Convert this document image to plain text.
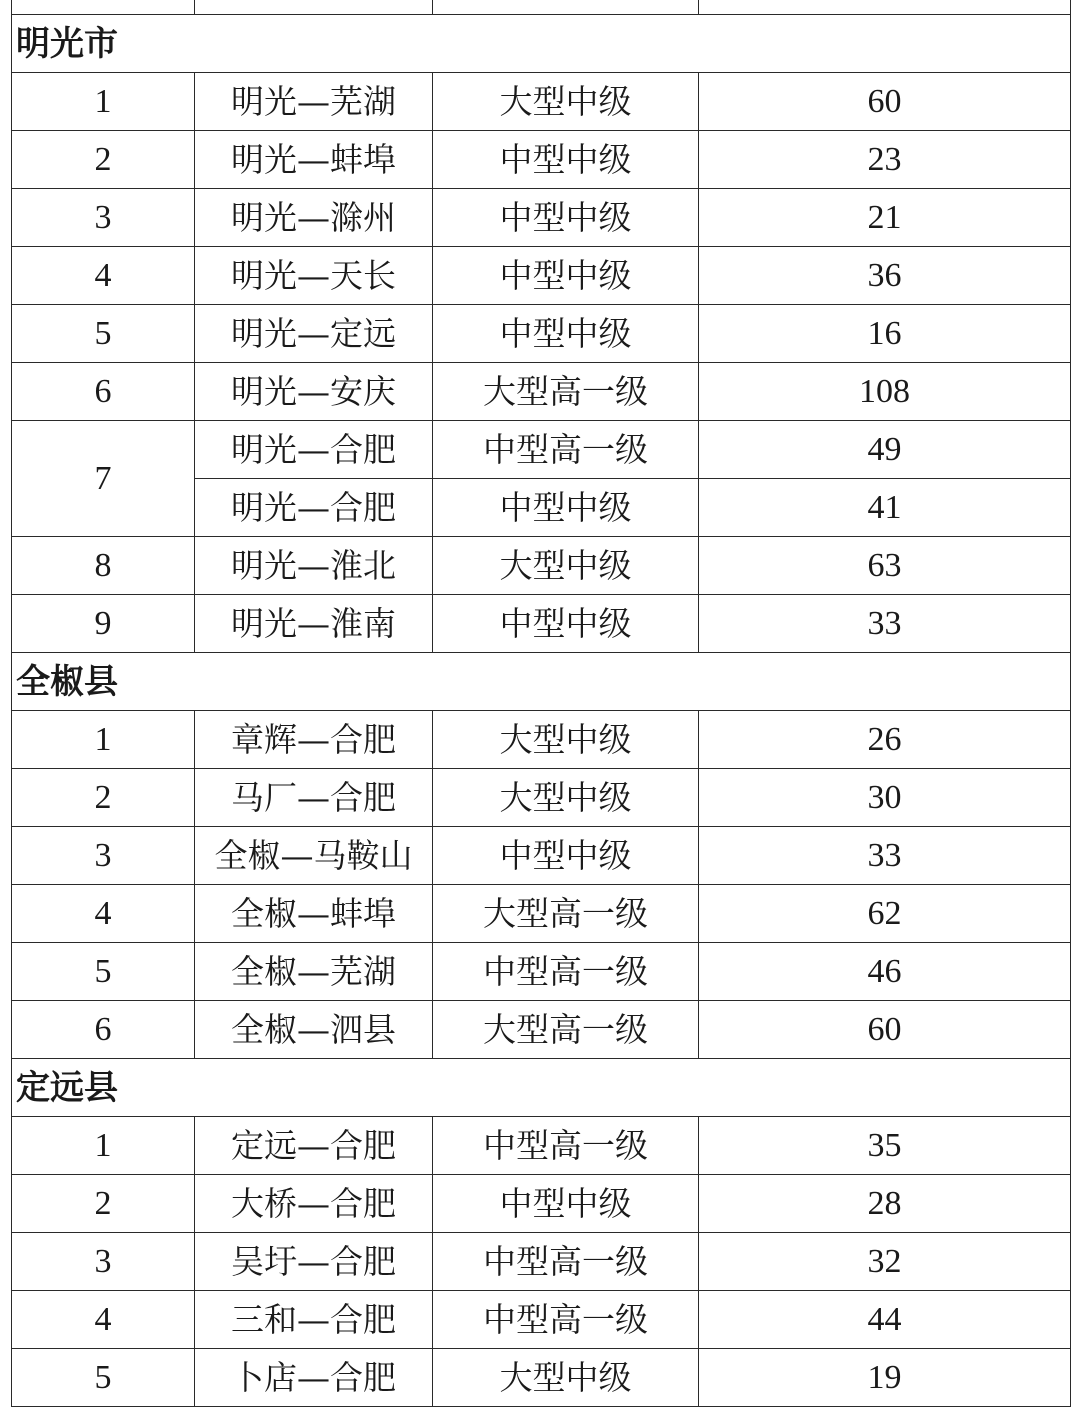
明光市			
1	明光—芜湖	大型中级	60
2	明光—蚌埠	中型中级	23
3	明光—滁州	中型中级	21
4	明光—天长	中型中级	36
5	明光—定远	中型中级	16
6	明光—安庆	大型高一级	108
7	明光—合肥	中型高一级	49
	明光—合肥	中型中级	41
8	明光—淮北	大型中级	63
9	明光—淮南	中型中级	33
全椒县			
1	章辉—合肥	大型中级	26
2	马厂—合肥	大型中级	30
3	全椒—马鞍山	中型中级	33
4	全椒—蚌埠	大型高一级	62
5	全椒—芜湖	中型高一级	46
6	全椒—泗县	大型高一级	60
定远县			
1	定远—合肥	中型高一级	35
2	大桥—合肥	中型中级	28
3	吴圩—合肥	中型高一级	32
4	三和—合肥	中型高一级	44
5	卜店—合肥	大型中级	19
